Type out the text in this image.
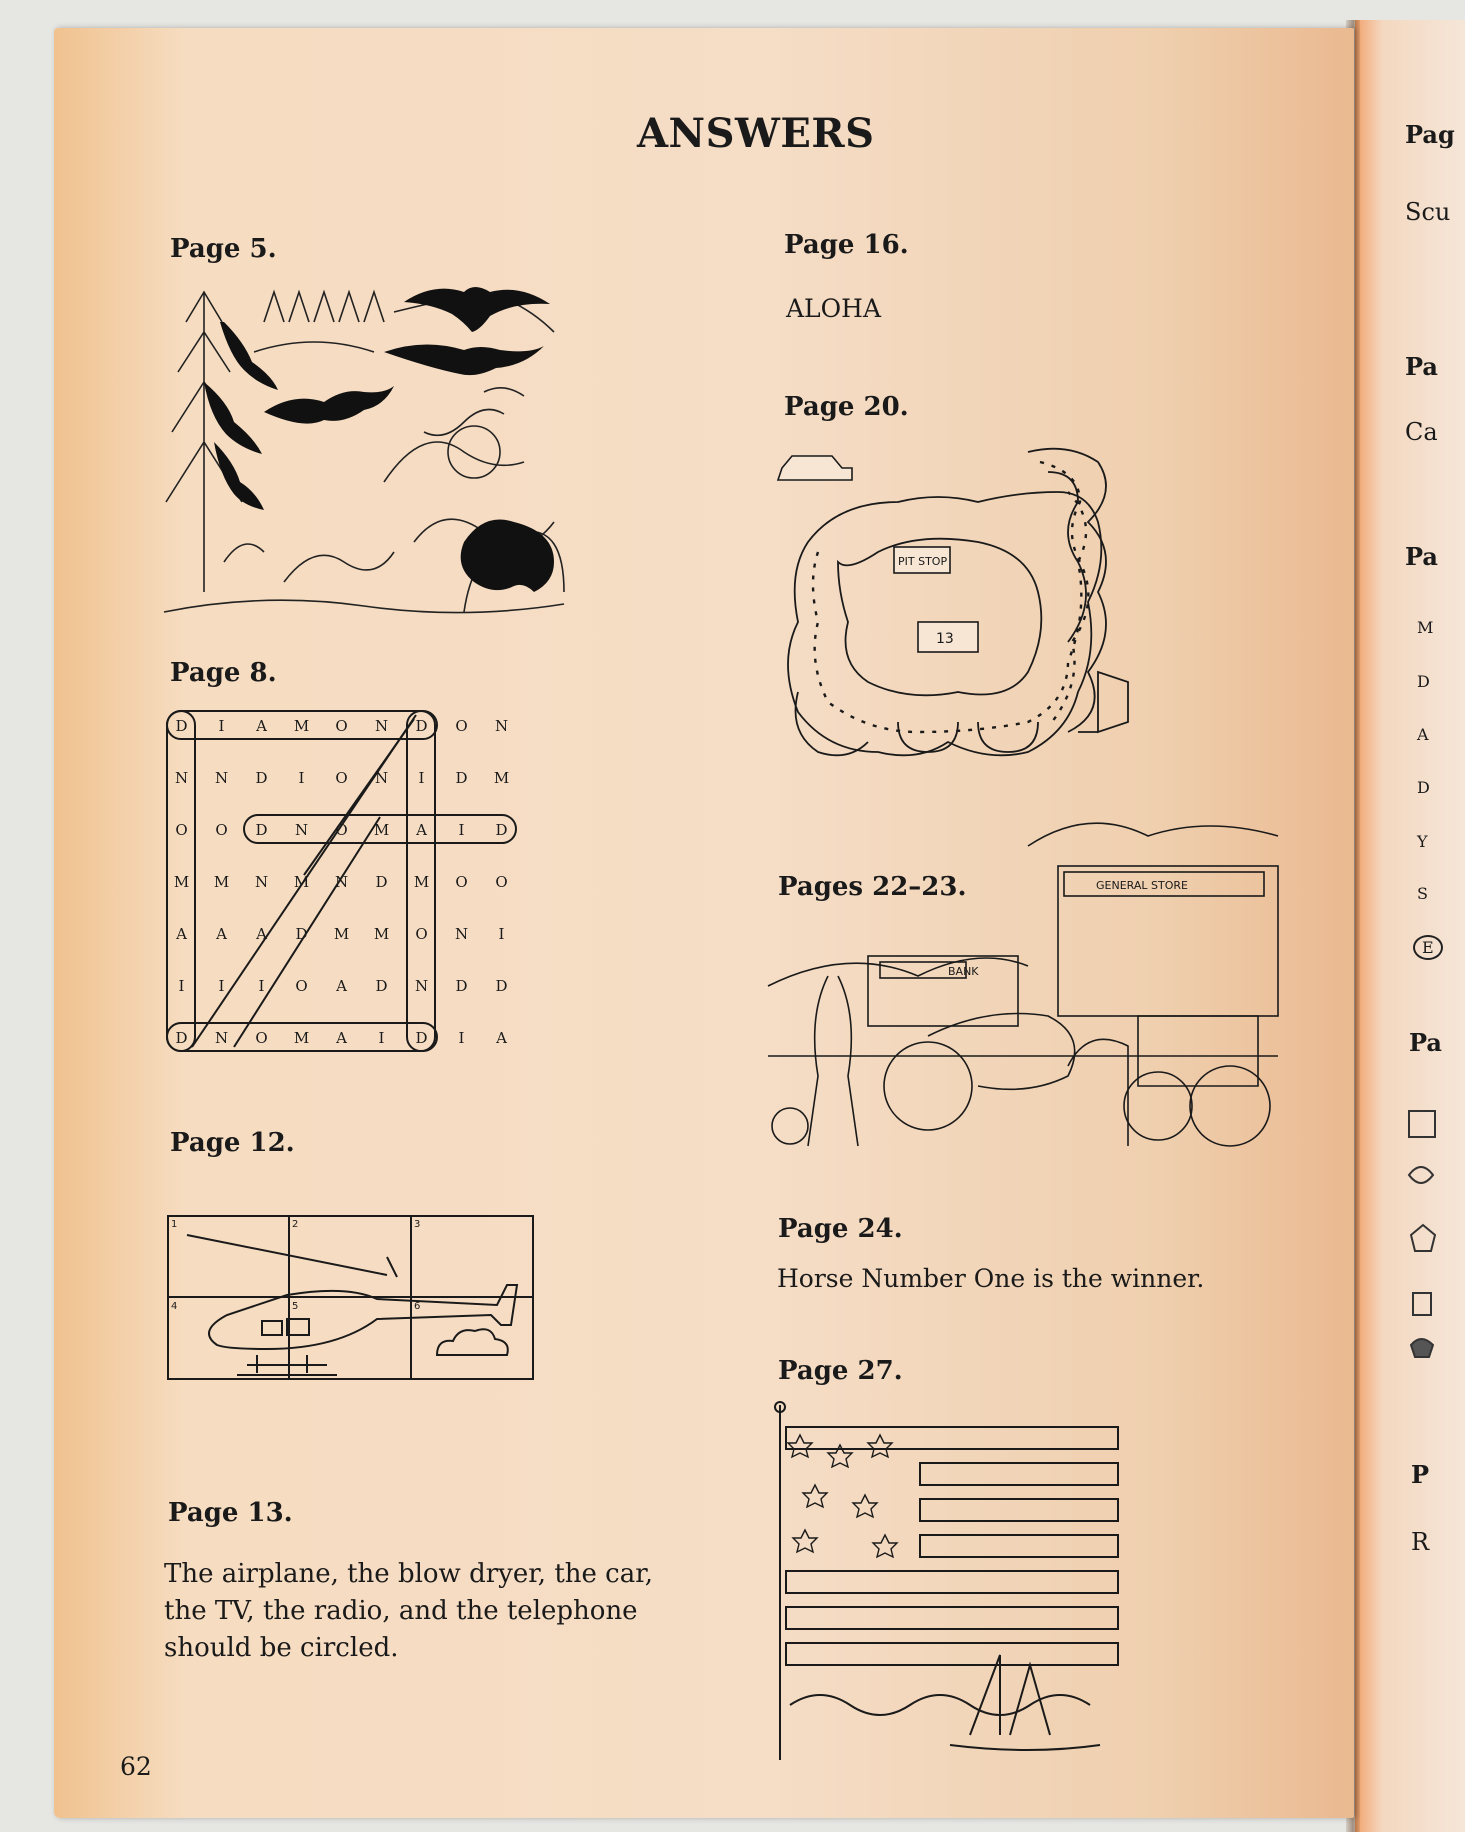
Pag
Scu
Pa
Ca
Pa
M
D
A
D
Y
S
E
Pa
P
R
ANSWERS
Page 5.
Page 8.
D	I	A	M	O	N	D	O	N
N	N	D	I	O	N	I	D	M
O	O	D	N	O	M	A	I	D
M	M	N	M	N	D	M	O	O
A	A	A	D	M	M	O	N	I
I	I	I	O	A	D	N	D	D
D	N	O	M	A	I	D	I	A
Page 12.
1	2	3
4	5	6
Page 13.
The airplane, the blow dryer, the car, the TV, the radio, and the telephone should be circled.
62
Page 16.
ALOHA
Page 20.
PIT STOP
13
Pages 22–23.	GENERAL STORE
BANK
Page 24.
Horse Number One is the winner.
Page 27.
